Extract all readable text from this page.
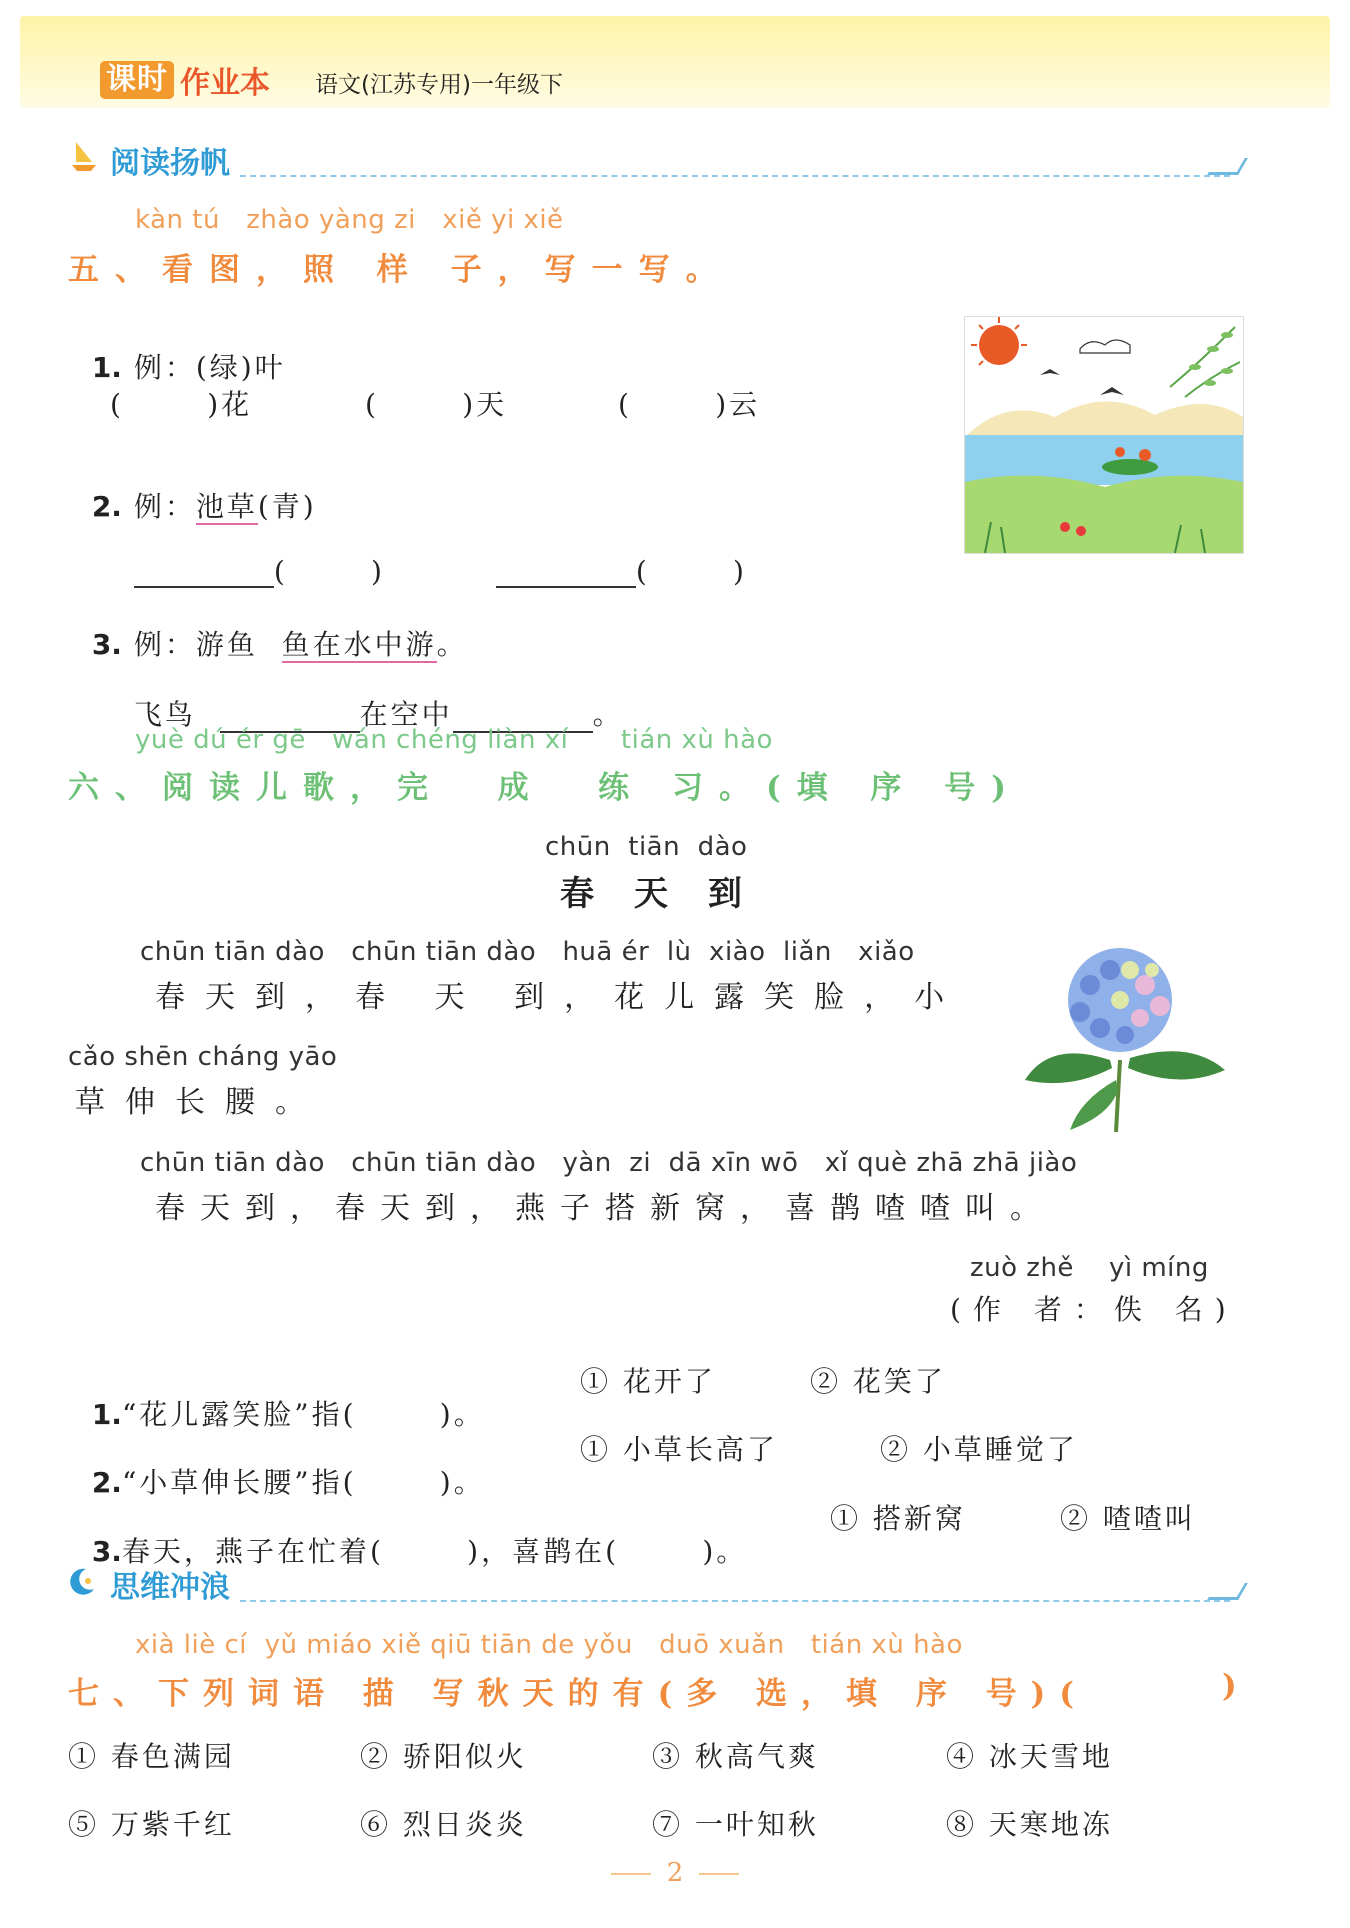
课时 作业本 语文(江苏专用)一年级下
阅读扬帆
kàn tú   zhào yàng zi   xiě yi xiě
五、看图，照 样 子，写一写。

1. 例：(绿)叶

(       )花	(       )天	(       )云

2. 例：池草(青)

(       )	(       )

3. 例：游鱼  鱼在水中游。

飞鸟	在空中	。

yuè dú ér gē   wán chéng liàn xí      tián xù hào
六、阅读儿歌，完  成  练 习。(填 序 号)
chūn  tiān  dào
春天到
chūn tiān dào   chūn tiān dào   huā ér  lù  xiào  liǎn   xiǎo
春天到，春 天 到，花儿露笑脸，小
cǎo shēn cháng yāo
草伸长腰。
chūn tiān dào   chūn tiān dào   yàn  zi  dā xīn wō   xǐ què zhā zhā jiào
春天到，春天到，燕子搭新窝，喜鹊喳喳叫。
zuò zhě    yì míng
(作 者：佚 名)

1.“花儿露笑脸”指(       )。

① 花开了	② 花笑了

2.“小草伸长腰”指(       )。

① 小草长高了	② 小草睡觉了

3.春天，燕子在忙着(       )，喜鹊在(       )。

① 搭新窝	② 喳喳叫
思维冲浪
xià liè cí  yǔ miáo xiě qiū tiān de yǒu   duō xuǎn   tián xù hào
七、下列词语 描 写秋天的有(多 选，填 序 号)(	)
① 春色满园	② 骄阳似火	③ 秋高气爽	④ 冰天雪地
⑤ 万紫千红	⑥ 烈日炎炎	⑦ 一叶知秋	⑧ 天寒地冻
2
